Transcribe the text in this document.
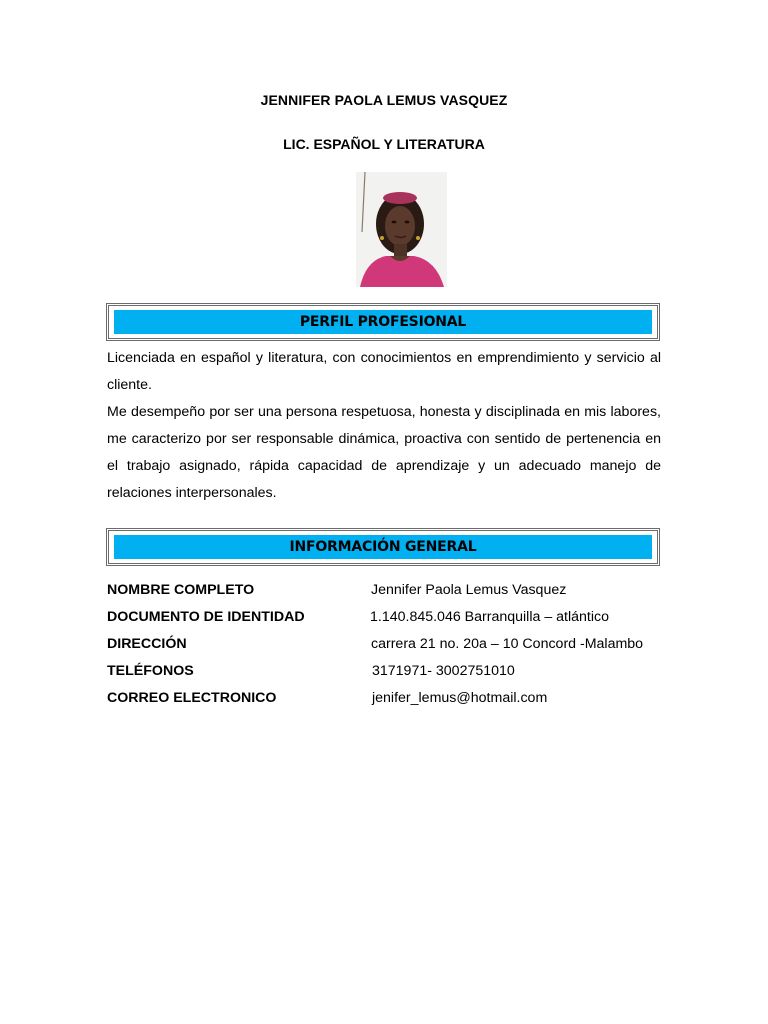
JENNIFER PAOLA LEMUS VASQUEZ
LIC. ESPAÑOL Y LITERATURA
PERFIL PROFESIONAL
Licenciada en español y literatura, con conocimientos en emprendimiento y servicio al cliente.
Me desempeño por ser una persona respetuosa, honesta y disciplinada en mis labores, me caracterizo por ser responsable dinámica, proactiva con sentido de pertenencia en el trabajo asignado, rápida capacidad de aprendizaje y un adecuado manejo de relaciones interpersonales.
INFORMACIÓN GENERAL
NOMBRE COMPLETO	Jennifer Paola Lemus Vasquez
DOCUMENTO DE IDENTIDAD	1.140.845.046 Barranquilla – atlántico
DIRECCIÓN	carrera 21 no. 20a – 10 Concord -Malambo
TELÉFONOS	3171971- 3002751010
CORREO ELECTRONICO	jenifer_lemus@hotmail.com
